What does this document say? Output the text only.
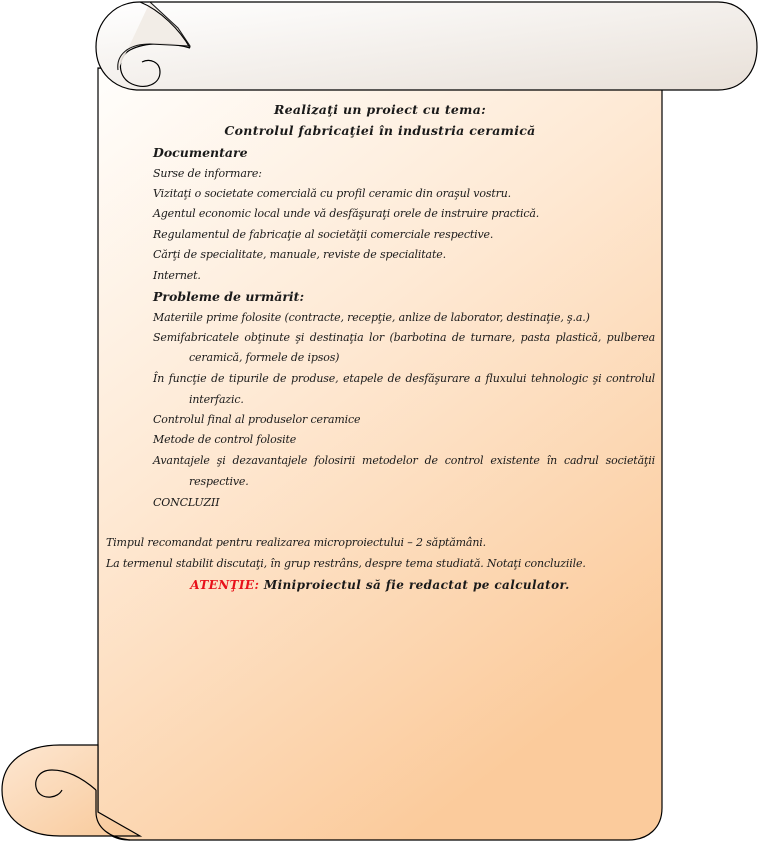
Realizaţi un proiect cu tema:
Controlul fabricaţiei în industria ceramică
Documentare
Surse de informare:
Vizitaţi o societate comercială cu profil ceramic din oraşul vostru.
Agentul economic local unde vă desfăşuraţi orele de instruire practică.
Regulamentul de fabricaţie al societăţii comerciale respective.
Cărţi de specialitate, manuale, reviste de specialitate.
Internet.
Probleme de urmărit:
Materiile prime folosite (contracte, recepţie, anlize de laborator, destinaţie, ş.a.)
Semifabricatele obţinute şi destinaţia lor (barbotina de turnare, pasta plastică, pulberea
ceramică, formele de ipsos)
În funcţie de tipurile de produse, etapele de desfăşurare a fluxului tehnologic şi controlul
interfazic.
Controlul final al produselor ceramice
Metode de control folosite
Avantajele şi dezavantajele folosirii metodelor de control existente în cadrul societăţii
respective.
CONCLUZII
Timpul recomandat pentru realizarea microproiectului – 2 săptămâni.
La termenul stabilit discutaţi, în grup restrâns, despre tema studiată. Notaţi concluziile.
ATENŢIE: Miniproiectul să fie redactat pe calculator.
